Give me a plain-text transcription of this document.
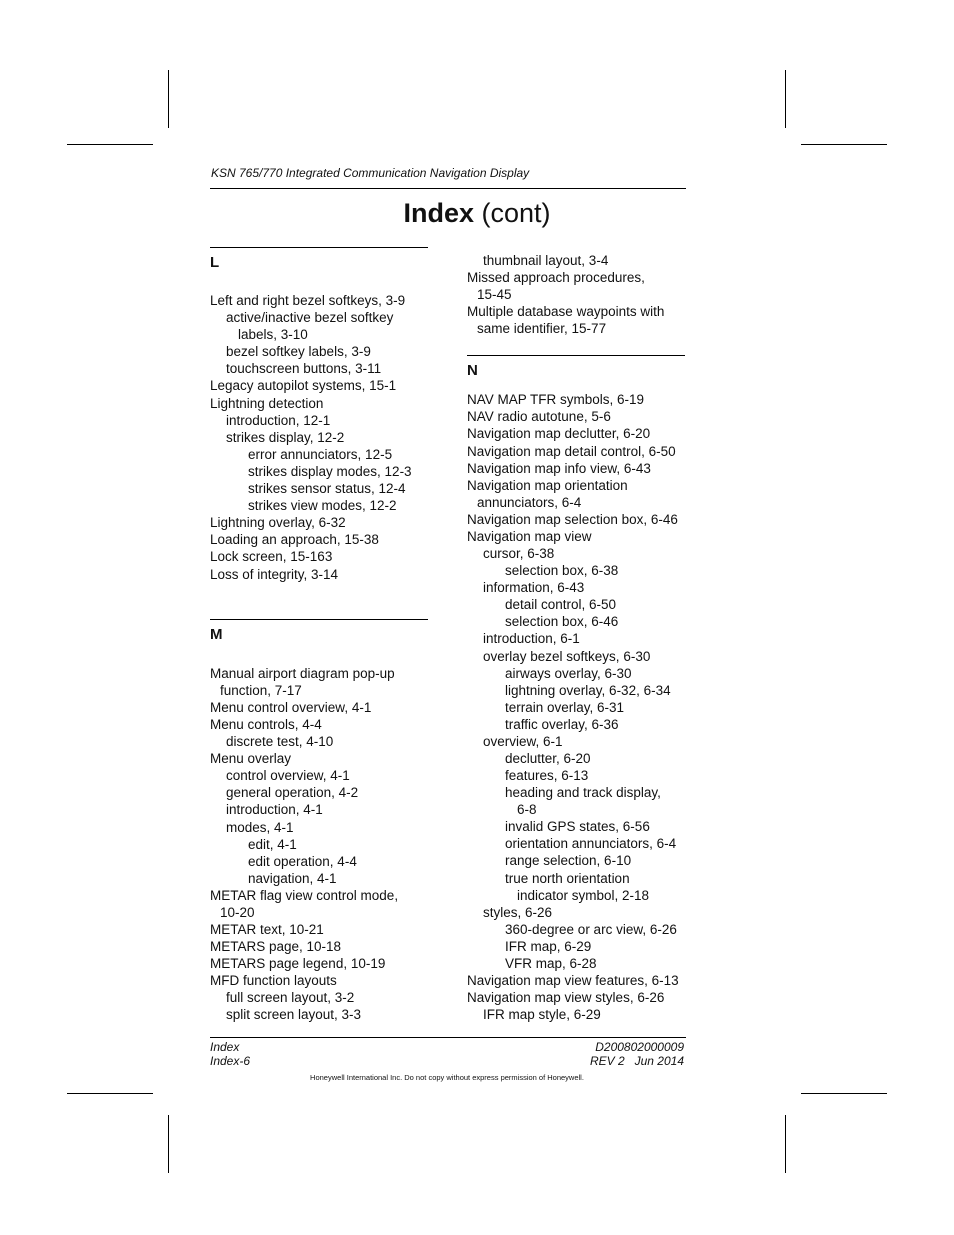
KSN 765/770 Integrated Communication Navigation Display
Index (cont)
L
Left and right bezel softkeys, 3-9
active/inactive bezel softkey
labels, 3-10
bezel softkey labels, 3-9
touchscreen buttons, 3-11
Legacy autopilot systems, 15-1
Lightning detection
introduction, 12-1
strikes display, 12-2
error annunciators, 12-5
strikes display modes, 12-3
strikes sensor status, 12-4
strikes view modes, 12-2
Lightning overlay, 6-32
Loading an approach, 15-38
Lock screen, 15-163
Loss of integrity, 3-14
M
Manual airport diagram pop‑up
function, 7-17
Menu control overview, 4-1
Menu controls, 4-4
discrete test, 4-10
Menu overlay
control overview, 4-1
general operation, 4-2
introduction, 4-1
modes, 4-1
edit, 4-1
edit operation, 4-4
navigation, 4-1
METAR flag view control mode,
10-20
METAR text, 10-21
METARS page, 10-18
METARS page legend, 10-19
MFD function layouts
full screen layout, 3-2
split screen layout, 3-3
thumbnail layout, 3-4
Missed approach procedures,
15-45
Multiple database waypoints with
same identifier, 15-77
N
NAV MAP TFR symbols, 6-19
NAV radio autotune, 5-6
Navigation map declutter, 6-20
Navigation map detail control, 6-50
Navigation map info view, 6-43
Navigation map orientation
annunciators, 6-4
Navigation map selection box, 6-46
Navigation map view
cursor, 6-38
selection box, 6-38
information, 6-43
detail control, 6-50
selection box, 6-46
introduction, 6-1
overlay bezel softkeys, 6-30
airways overlay, 6-30
lightning overlay, 6-32, 6-34
terrain overlay, 6-31
traffic overlay, 6-36
overview, 6-1
declutter, 6-20
features, 6-13
heading and track display,
6-8
invalid GPS states, 6-56
orientation annunciators, 6-4
range selection, 6-10
true north orientation
indicator symbol, 2-18
styles, 6-26
360‑degree or arc view, 6-26
IFR map, 6-29
VFR map, 6-28
Navigation map view features, 6-13
Navigation map view styles, 6-26
IFR map style, 6-29
Index
Index‑6
D200802000009
REV 2   Jun 2014
Honeywell International Inc. Do not copy without express permission of Honeywell.
